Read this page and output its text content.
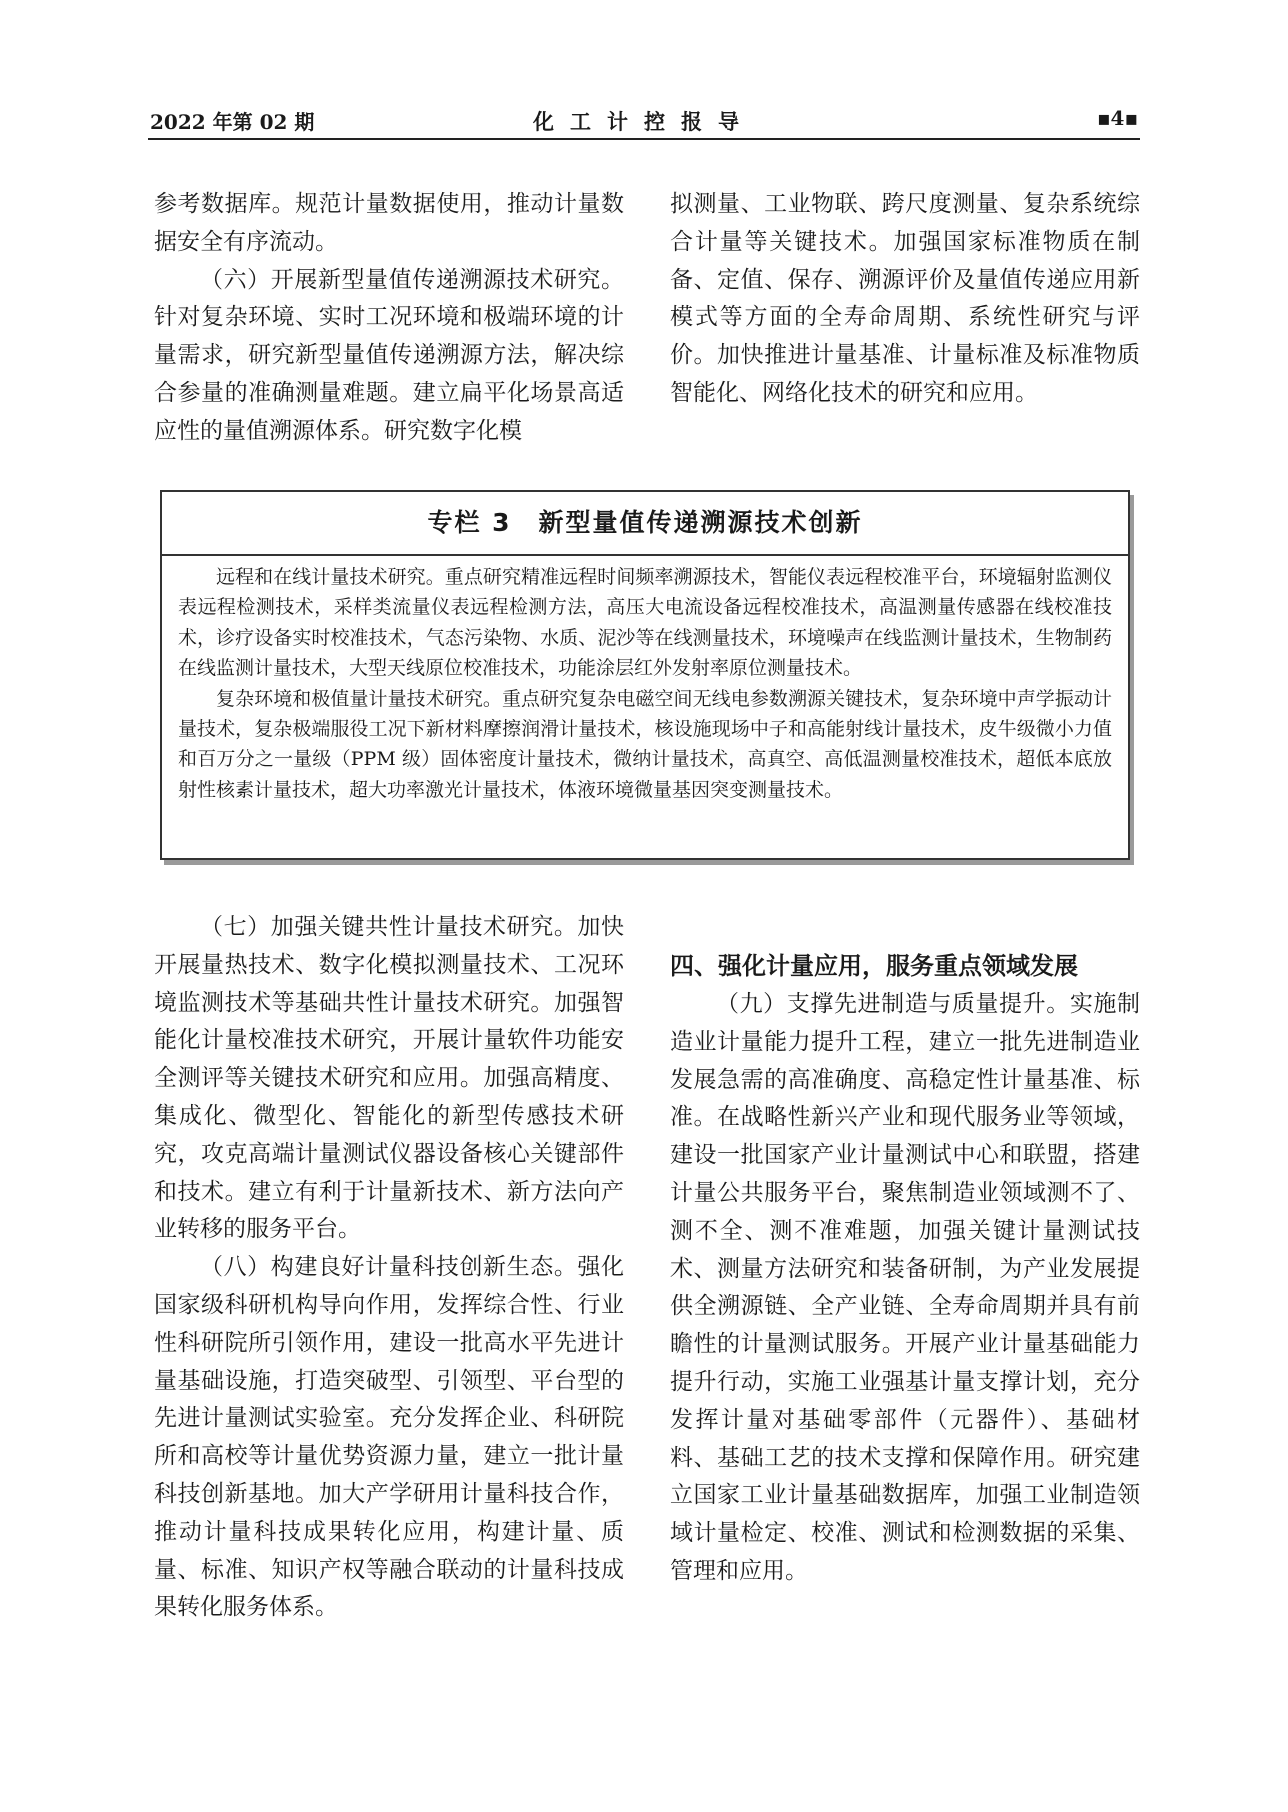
2022 年第 02 期	化工计控报导	▪4▪

参考数据库。规范计量数据使用，推动计量数据安全有序流动。

（六）开展新型量值传递溯源技术研究。针对复杂环境、实时工况环境和极端环境的计量需求，研究新型量值传递溯源方法，解决综合参量的准确测量难题。建立扁平化场景高适应性的量值溯源体系。研究数字化模

拟测量、工业物联、跨尺度测量、复杂系统综合计量等关键技术。加强国家标准物质在制备、定值、保存、溯源评价及量值传递应用新模式等方面的全寿命周期、系统性研究与评价。加快推进计量基准、计量标准及标准物质智能化、网络化技术的研究和应用。

专栏 3　新型量值传递溯源技术创新

远程和在线计量技术研究。重点研究精准远程时间频率溯源技术，智能仪表远程校准平台，环境辐射监测仪表远程检测技术，采样类流量仪表远程检测方法，高压大电流设备远程校准技术，高温测量传感器在线校准技术，诊疗设备实时校准技术，气态污染物、水质、泥沙等在线测量技术，环境噪声在线监测计量技术，生物制药在线监测计量技术，大型天线原位校准技术，功能涂层红外发射率原位测量技术。

复杂环境和极值量计量技术研究。重点研究复杂电磁空间无线电参数溯源关键技术，复杂环境中声学振动计量技术，复杂极端服役工况下新材料摩擦润滑计量技术，核设施现场中子和高能射线计量技术，皮牛级微小力值和百万分之一量级（PPM 级）固体密度计量技术，微纳计量技术，高真空、高低温测量校准技术，超低本底放射性核素计量技术，超大功率激光计量技术，体液环境微量基因突变测量技术。

（七）加强关键共性计量技术研究。加快开展量热技术、数字化模拟测量技术、工况环境监测技术等基础共性计量技术研究。加强智能化计量校准技术研究，开展计量软件功能安全测评等关键技术研究和应用。加强高精度、集成化、微型化、智能化的新型传感技术研究，攻克高端计量测试仪器设备核心关键部件和技术。建立有利于计量新技术、新方法向产业转移的服务平台。

（八）构建良好计量科技创新生态。强化国家级科研机构导向作用，发挥综合性、行业性科研院所引领作用，建设一批高水平先进计量基础设施，打造突破型、引领型、平台型的先进计量测试实验室。充分发挥企业、科研院所和高校等计量优势资源力量，建立一批计量科技创新基地。加大产学研用计量科技合作，推动计量科技成果转化应用，构建计量、质量、标准、知识产权等融合联动的计量科技成果转化服务体系。

四、强化计量应用，服务重点领域发展

（九）支撑先进制造与质量提升。实施制造业计量能力提升工程，建立一批先进制造业发展急需的高准确度、高稳定性计量基准、标准。在战略性新兴产业和现代服务业等领域，建设一批国家产业计量测试中心和联盟，搭建计量公共服务平台，聚焦制造业领域测不了、测不全、测不准难题，加强关键计量测试技术、测量方法研究和装备研制，为产业发展提供全溯源链、全产业链、全寿命周期并具有前瞻性的计量测试服务。开展产业计量基础能力提升行动，实施工业强基计量支撑计划，充分发挥计量对基础零部件（元器件）、基础材料、基础工艺的技术支撑和保障作用。研究建立国家工业计量基础数据库，加强工业制造领域计量检定、校准、测试和检测数据的采集、管理和应用。
